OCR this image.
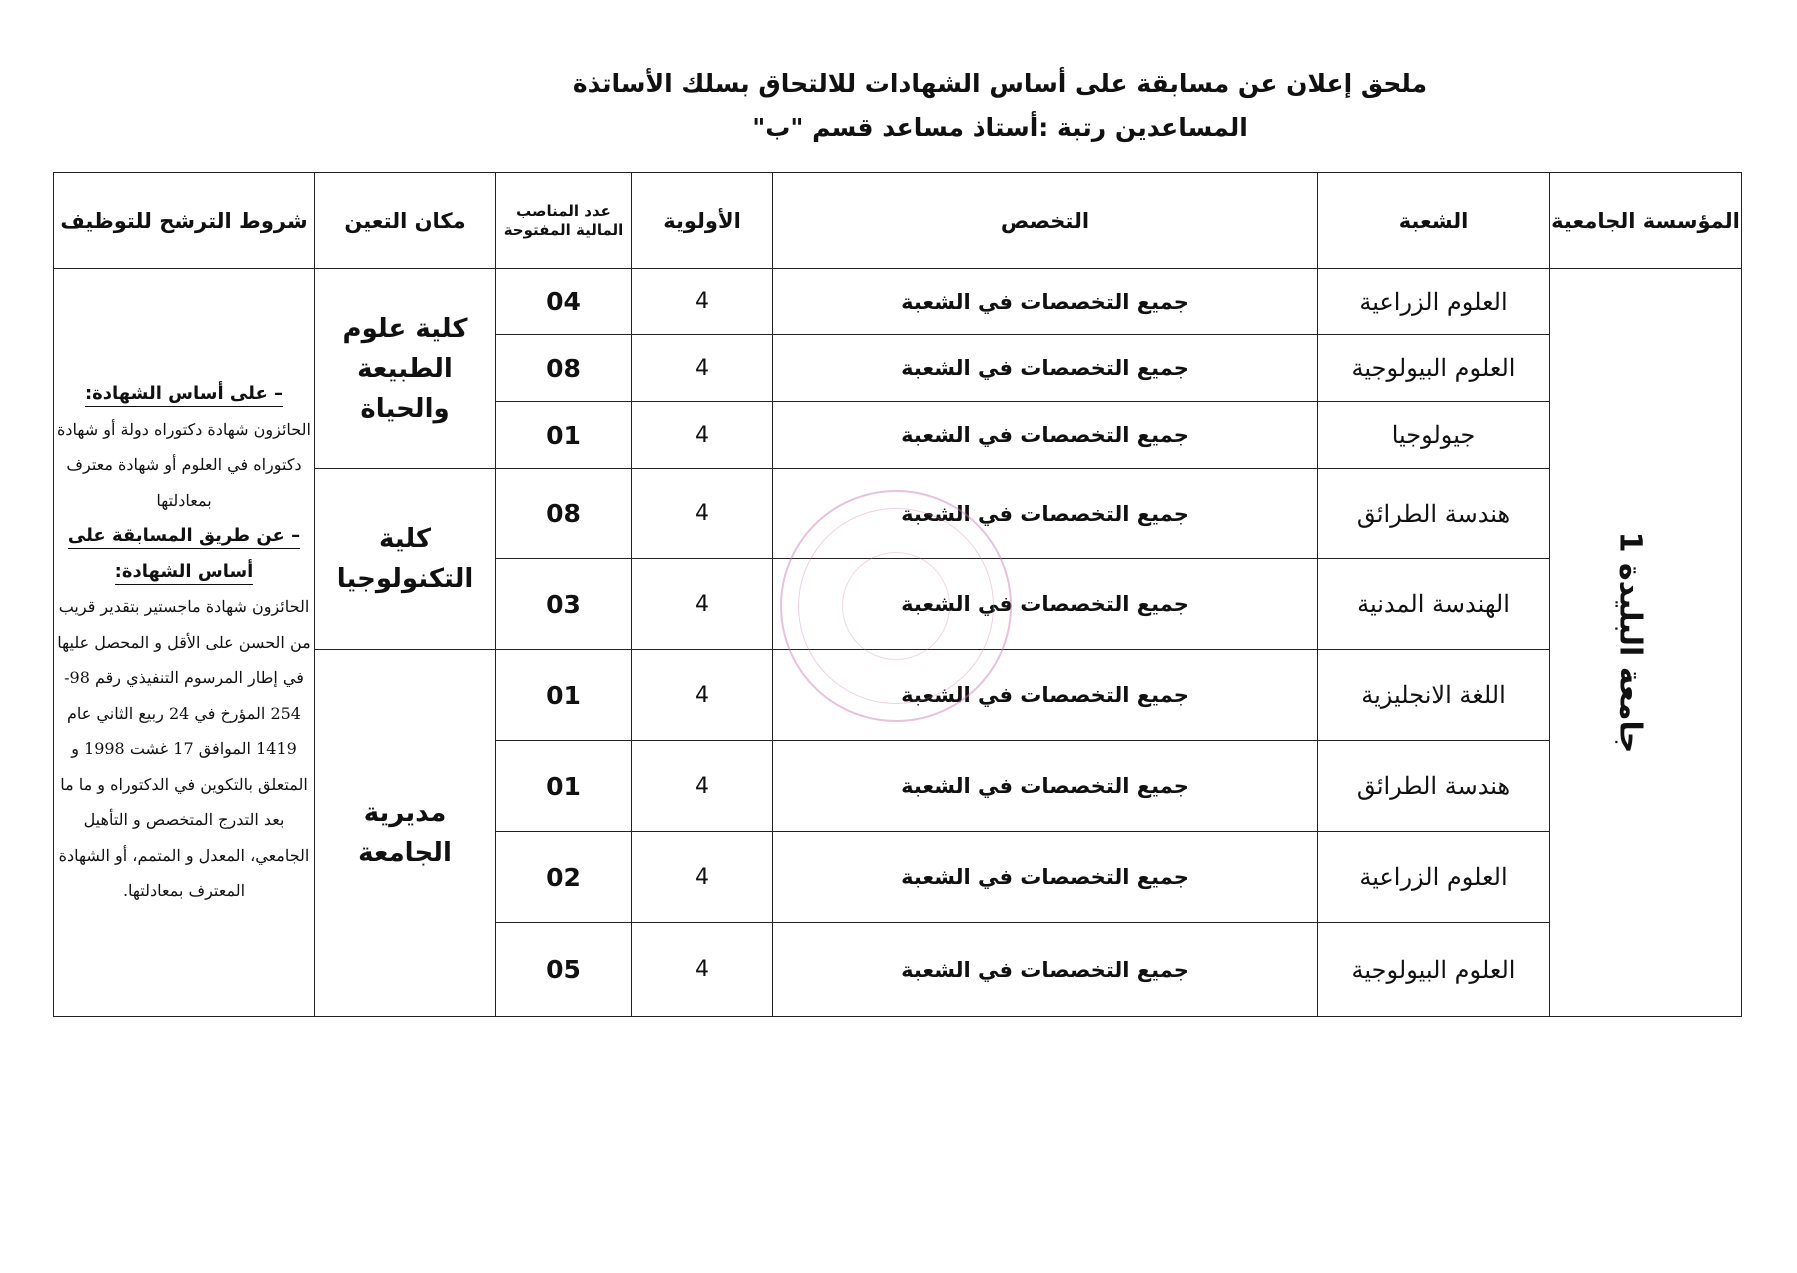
ملحق إعلان عن مسابقة على أساس الشهادات للالتحاق بسلك الأساتذة
المساعدين رتبة :أستاذ مساعد قسم "ب"
المؤسسة الجامعية	الشعبة	التخصص	الأولوية	عدد المناصب المالية المفتوحة	مكان التعين	شروط الترشح للتوظيف
جامعة البليدة 1	العلوم الزراعية	جميع التخصصات في الشعبة	4	04	كلية علوم الطبيعة والحياة	– على أساس الشهادة:
الحائزون شهادة دكتوراه دولة أو شهادة دكتوراه في العلوم أو شهادة معترف بمعادلتها
– عن طريق المسابقة على أساس الشهادة:
الحائزون شهادة ماجستير بتقدير قريب من الحسن على الأقل و المحصل عليها في إطار المرسوم التنفيذي رقم 98-254 المؤرخ في 24 ربيع الثاني عام 1419 الموافق 17 غشت 1998 و المتعلق بالتكوين في الدكتوراه و ما ما بعد التدرج المتخصص و التأهيل الجامعي، المعدل و المتمم، أو الشهادة المعترف بمعادلتها.

	العلوم البيولوجية	جميع التخصصات في الشعبة	4	08		
	جيولوجيا	جميع التخصصات في الشعبة	4	01		
	هندسة الطرائق	جميع التخصصات في الشعبة	4	08	كلية التكنولوجيا	
	الهندسة المدنية	جميع التخصصات في الشعبة	4	03		
	اللغة الانجليزية	جميع التخصصات في الشعبة	4	01	مديرية الجامعة	
	هندسة الطرائق	جميع التخصصات في الشعبة	4	01		
	العلوم الزراعية	جميع التخصصات في الشعبة	4	02		
	العلوم البيولوجية	جميع التخصصات في الشعبة	4	05		
